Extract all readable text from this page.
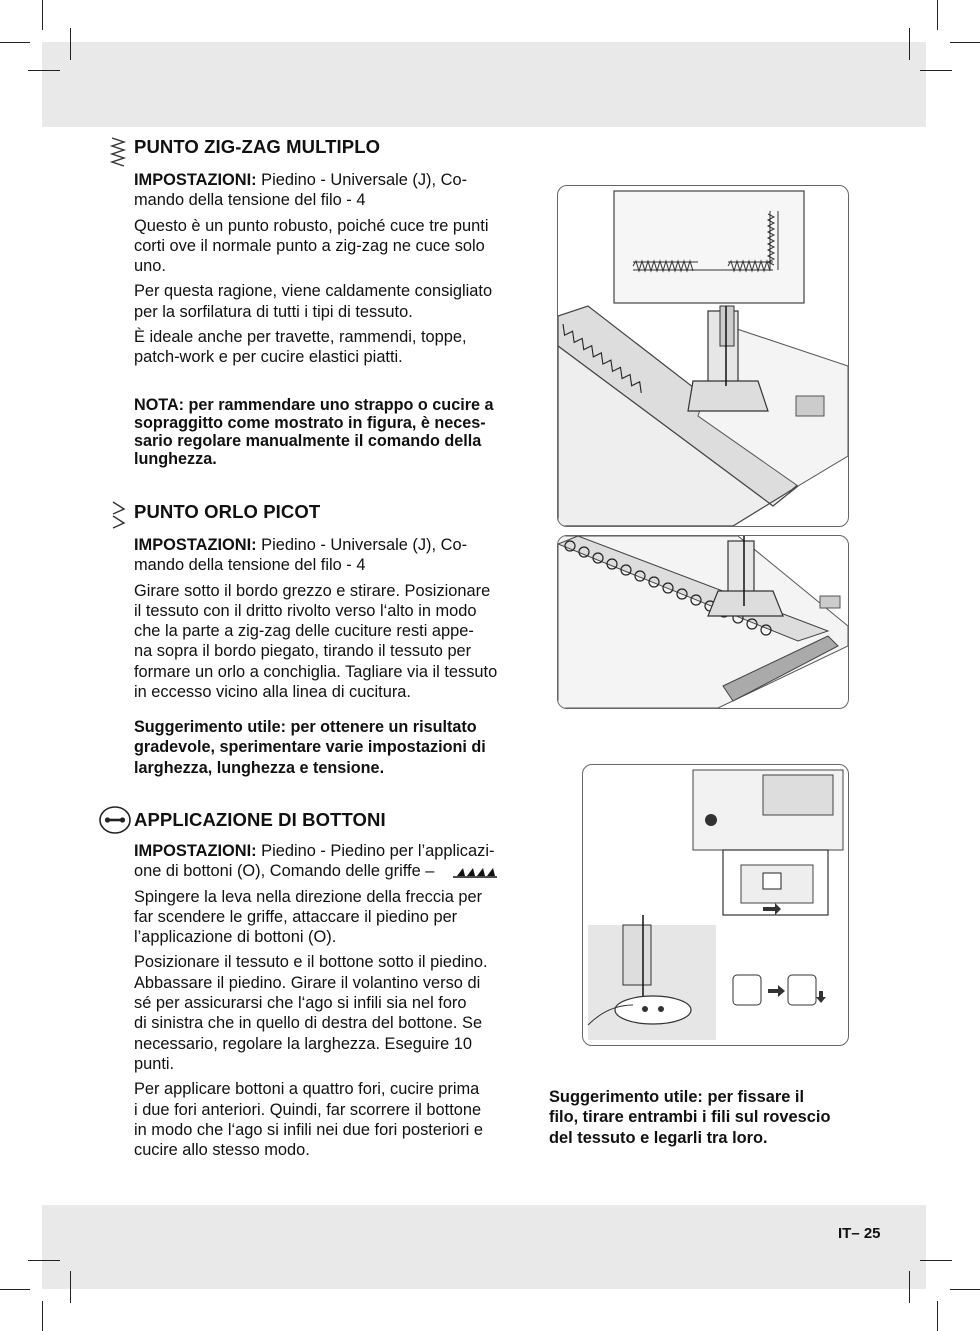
PUNTO ZIG-ZAG MULTIPLO

IMPOSTAZIONI: Piedino - Universale (J), Co-
mando della tensione del filo - 4

Questo è un punto robusto, poiché cuce tre punti
corti ove il normale punto a zig-zag ne cuce solo
uno.

Per questa ragione, viene caldamente consigliato
per la sorfilatura di tutti i tipi di tessuto.

È ideale anche per travette, rammendi, toppe,
patch-work e per cucire elastici piatti.

NOTA: per rammendare uno strappo o cucire a
sopraggitto come mostrato in figura, è neces-
sario regolare manualmente il comando della
lunghezza.
PUNTO ORLO PICOT

IMPOSTAZIONI: Piedino - Universale (J), Co-
mando della tensione del filo - 4

Girare sotto il bordo grezzo e stirare. Posizionare
il tessuto con il dritto rivolto verso l‘alto in modo
che la parte a zig-zag delle cuciture resti appe-
na sopra il bordo piegato, tirando il tessuto per
formare un orlo a conchiglia. Tagliare via il tessuto
in eccesso vicino alla linea di cucitura.

Suggerimento utile: per ottenere un risultato
gradevole, sperimentare varie impostazioni di
larghezza, lunghezza e tensione.
APPLICAZIONE DI BOTTONI

IMPOSTAZIONI: Piedino - Piedino per l’applicazi-
one di bottoni (O), Comando delle griffe –

Spingere la leva nella direzione della freccia per
far scendere le griffe, attaccare il piedino per
l’applicazione di bottoni (O).

Posizionare il tessuto e il bottone sotto il piedino.
Abbassare il piedino. Girare il volantino verso di
sé per assicurarsi che l‘ago si infili sia nel foro
di sinistra che in quello di destra del bottone. Se
necessario, regolare la larghezza. Eseguire 10
punti.

Per applicare bottoni a quattro fori, cucire prima
i due fori anteriori. Quindi, far scorrere il bottone
in modo che l‘ago si infili nei due fori posteriori e
cucire allo stesso modo.

Suggerimento utile: per fissare il
filo, tirare entrambi i fili sul rovescio
del tessuto e legarli tra loro.
IT– 25
